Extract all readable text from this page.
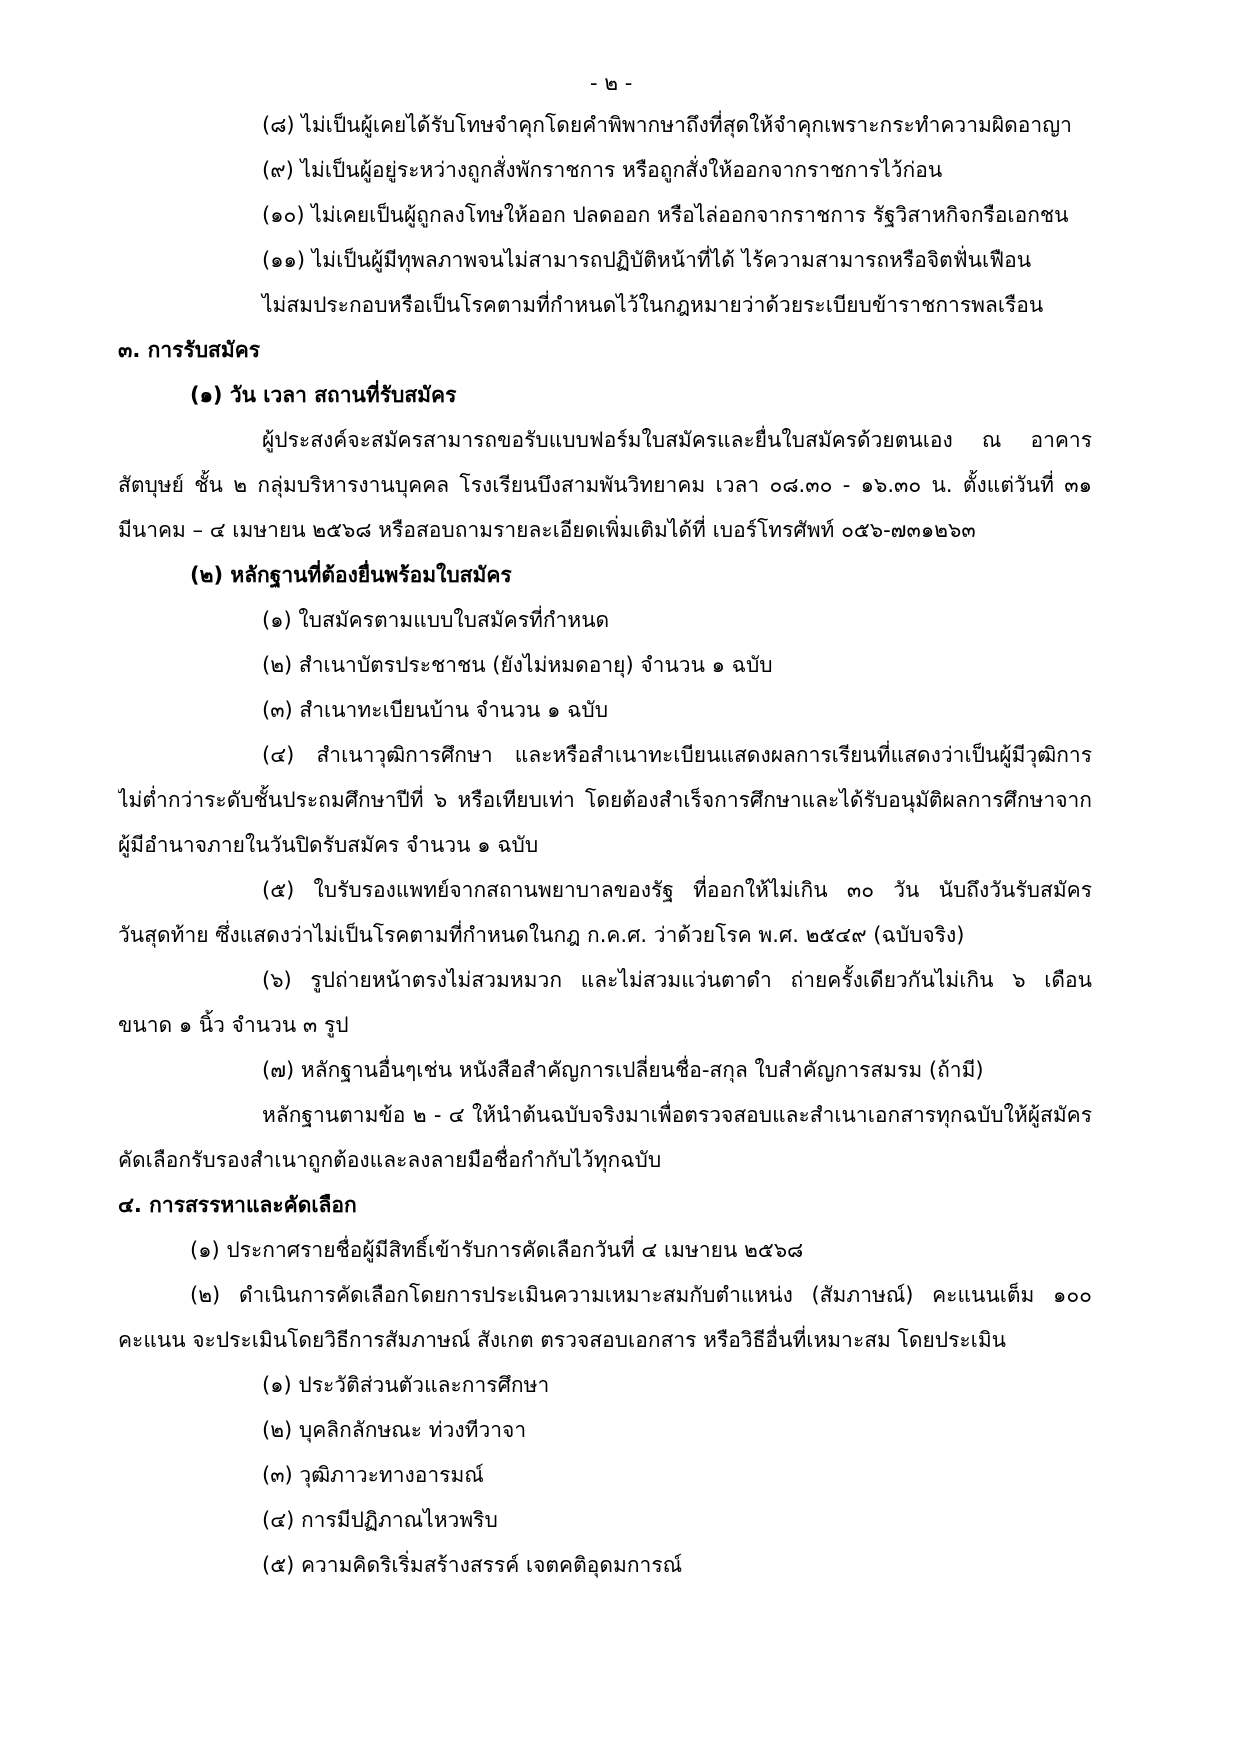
- ๒ -
(๘) ไม่เป็นผู้เคยได้รับโทษจำคุกโดยคำพิพากษาถึงที่สุดให้จำคุกเพราะกระทำความผิดอาญา
(๙) ไม่เป็นผู้อยู่ระหว่างถูกสั่งพักราชการ หรือถูกสั่งให้ออกจากราชการไว้ก่อน
(๑๐) ไม่เคยเป็นผู้ถูกลงโทษให้ออก ปลดออก หรือไล่ออกจากราชการ รัฐวิสาหกิจกรือเอกชน
(๑๑) ไม่เป็นผู้มีทุพลภาพจนไม่สามารถปฏิบัติหน้าที่ได้ ไร้ความสามารถหรือจิตฟั่นเฟือน
ไม่สมประกอบหรือเป็นโรคตามที่กำหนดไว้ในกฎหมายว่าด้วยระเบียบข้าราชการพลเรือน
๓. การรับสมัคร
(๑) วัน เวลา สถานที่รับสมัคร
ผู้ประสงค์จะสมัครสามารถขอรับแบบฟอร์มใบสมัครและยื่นใบสมัครด้วยตนเอง ณ อาคาร
สัตบุษย์ ชั้น ๒ กลุ่มบริหารงานบุคคล โรงเรียนบึงสามพันวิทยาคม เวลา ๐๘.๓๐ - ๑๖.๓๐ น. ตั้งแต่วันที่ ๓๑
มีนาคม – ๔ เมษายน ๒๕๖๘ หรือสอบถามรายละเอียดเพิ่มเติมได้ที่ เบอร์โทรศัพท์ ๐๕๖-๗๓๑๒๖๓
(๒) หลักฐานที่ต้องยื่นพร้อมใบสมัคร
(๑) ใบสมัครตามแบบใบสมัครที่กำหนด
(๒) สำเนาบัตรประชาชน (ยังไม่หมดอายุ) จำนวน ๑ ฉบับ
(๓) สำเนาทะเบียนบ้าน จำนวน ๑ ฉบับ
(๔) สำเนาวุฒิการศึกษา และหรือสำเนาทะเบียนแสดงผลการเรียนที่แสดงว่าเป็นผู้มีวุฒิการ
ไม่ต่ำกว่าระดับชั้นประถมศึกษาปีที่ ๖ หรือเทียบเท่า โดยต้องสำเร็จการศึกษาและได้รับอนุมัติผลการศึกษาจาก
ผู้มีอำนาจภายในวันปิดรับสมัคร จำนวน ๑ ฉบับ
(๕) ใบรับรองแพทย์จากสถานพยาบาลของรัฐ ที่ออกให้ไม่เกิน ๓๐ วัน นับถึงวันรับสมัคร
วันสุดท้าย ซึ่งแสดงว่าไม่เป็นโรคตามที่กำหนดในกฎ ก.ค.ศ. ว่าด้วยโรค พ.ศ. ๒๕๔๙ (ฉบับจริง)
(๖) รูปถ่ายหน้าตรงไม่สวมหมวก และไม่สวมแว่นตาดำ ถ่ายครั้งเดียวกันไม่เกิน ๖ เดือน
ขนาด ๑ นิ้ว จำนวน ๓ รูป
(๗) หลักฐานอื่นๆเช่น หนังสือสำคัญการเปลี่ยนชื่อ-สกุล ใบสำคัญการสมรม (ถ้ามี)
หลักฐานตามข้อ ๒ - ๔ ให้นำต้นฉบับจริงมาเพื่อตรวจสอบและสำเนาเอกสารทุกฉบับให้ผู้สมัคร
คัดเลือกรับรองสำเนาถูกต้องและลงลายมือชื่อกำกับไว้ทุกฉบับ
๔. การสรรหาและคัดเลือก
(๑) ประกาศรายชื่อผู้มีสิทธิ์เข้ารับการคัดเลือกวันที่ ๔ เมษายน ๒๕๖๘
(๒) ดำเนินการคัดเลือกโดยการประเมินความเหมาะสมกับตำแหน่ง (สัมภาษณ์) คะแนนเต็ม ๑๐๐
คะแนน จะประเมินโดยวิธีการสัมภาษณ์ สังเกต ตรวจสอบเอกสาร หรือวิธีอื่นที่เหมาะสม โดยประเมิน
(๑) ประวัติส่วนตัวและการศึกษา
(๒) บุคลิกลักษณะ ท่วงทีวาจา
(๓) วุฒิภาวะทางอารมณ์
(๔) การมีปฏิภาณไหวพริบ
(๕) ความคิดริเริ่มสร้างสรรค์ เจตคติอุดมการณ์
